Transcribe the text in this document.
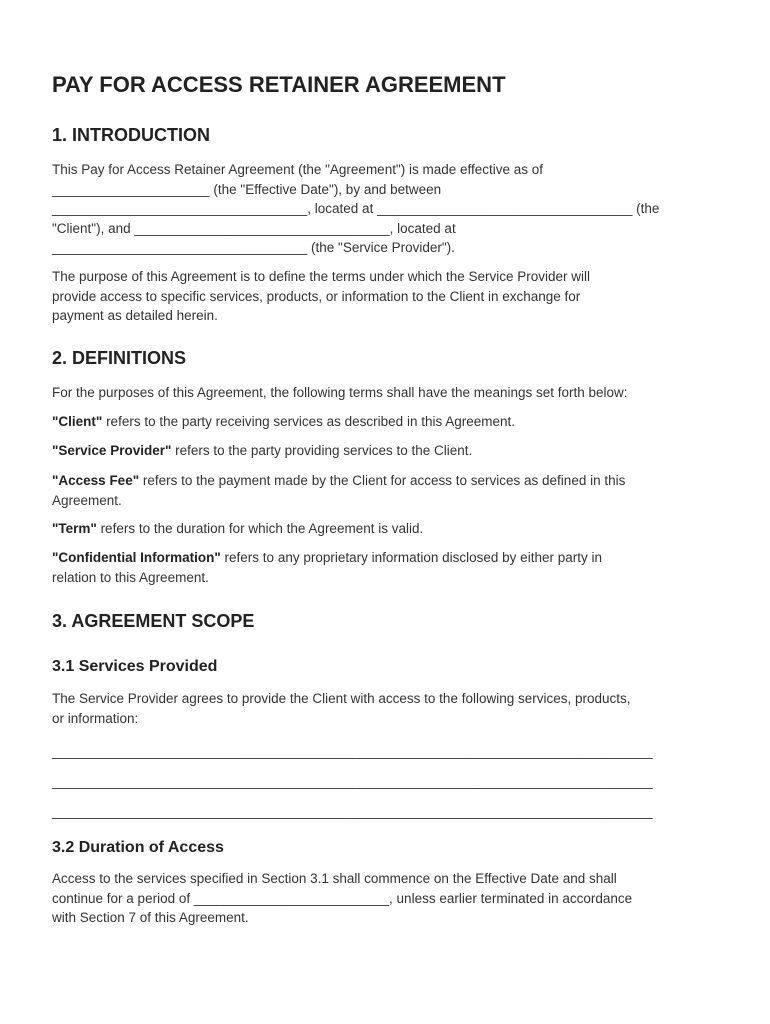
PAY FOR ACCESS RETAINER AGREEMENT
1. INTRODUCTION
This Pay for Access Retainer Agreement (the "Agreement") is made effective as of
_____________________ (the "Effective Date"), by and between
__________________________________, located at __________________________________ (the
"Client"), and __________________________________, located at
__________________________________ (the "Service Provider").
The purpose of this Agreement is to define the terms under which the Service Provider will
provide access to specific services, products, or information to the Client in exchange for
payment as detailed herein.
2. DEFINITIONS
For the purposes of this Agreement, the following terms shall have the meanings set forth below:
"Client" refers to the party receiving services as described in this Agreement.
"Service Provider" refers to the party providing services to the Client.
"Access Fee" refers to the payment made by the Client for access to services as defined in this
Agreement.
"Term" refers to the duration for which the Agreement is valid.
"Confidential Information" refers to any proprietary information disclosed by either party in
relation to this Agreement.
3. AGREEMENT SCOPE
3.1 Services Provided
The Service Provider agrees to provide the Client with access to the following services, products,
or information:
________________________________________________________________________________
________________________________________________________________________________
________________________________________________________________________________
3.2 Duration of Access
Access to the services specified in Section 3.1 shall commence on the Effective Date and shall
continue for a period of __________________________, unless earlier terminated in accordance
with Section 7 of this Agreement.
